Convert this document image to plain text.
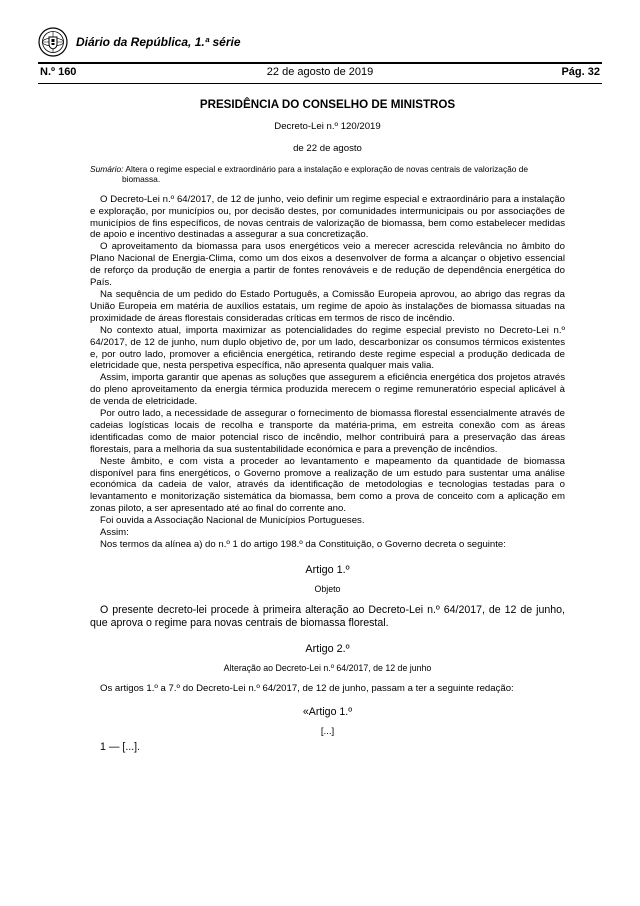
Diário da República, 1.ª série
N.º 160	22 de agosto de 2019	Pág. 32
PRESIDÊNCIA DO CONSELHO DE MINISTROS
Decreto-Lei n.º 120/2019
de 22 de agosto
Sumário: Altera o regime especial e extraordinário para a instalação e exploração de novas centrais de valorização de biomassa.

O Decreto-Lei n.º 64/2017, de 12 de junho, veio definir um regime especial e extraordinário para a instalação e exploração, por municípios ou, por decisão destes, por comunidades intermunicipais ou por associações de municípios de fins específicos, de novas centrais de valorização de biomassa, bem como estabelecer medidas de apoio e incentivo destinadas a assegurar a sua concretização.

O aproveitamento da biomassa para usos energéticos veio a merecer acrescida relevância no âmbito do Plano Nacional de Energia-Clima, como um dos eixos a desenvolver de forma a alcançar o objetivo essencial de reforço da produção de energia a partir de fontes renováveis e de redução de dependência energética do País.

Na sequência de um pedido do Estado Português, a Comissão Europeia aprovou, ao abrigo das regras da União Europeia em matéria de auxílios estatais, um regime de apoio às instalações de biomassa situadas na proximidade de áreas florestais consideradas críticas em termos de risco de incêndio.

No contexto atual, importa maximizar as potencialidades do regime especial previsto no Decreto-Lei n.º 64/2017, de 12 de junho, num duplo objetivo de, por um lado, descarbonizar os consumos térmicos existentes e, por outro lado, promover a eficiência energética, retirando deste regime especial a produção dedicada de eletricidade que, nesta perspetiva específica, não apresenta qualquer mais valia.

Assim, importa garantir que apenas as soluções que assegurem a eficiência energética dos projetos através do pleno aproveitamento da energia térmica produzida merecem o regime remuneratório especial aplicável à de venda de eletricidade.

Por outro lado, a necessidade de assegurar o fornecimento de biomassa florestal essencialmente através de cadeias logísticas locais de recolha e transporte da matéria-prima, em estreita conexão com as áreas identificadas como de maior potencial risco de incêndio, melhor contribuirá para a preservação das áreas florestais, para a melhoria da sua sustentabilidade económica e para a prevenção de incêndios.

Neste âmbito, e com vista a proceder ao levantamento e mapeamento da quantidade de biomassa disponível para fins energéticos, o Governo promove a realização de um estudo para sustentar uma análise económica da cadeia de valor, através da identificação de metodologias e tecnologias testadas para o levantamento e monitorização sistemática da biomassa, bem como a prova de conceito com a aplicação em zonas piloto, a ser apresentado até ao final do corrente ano.

Foi ouvida a Associação Nacional de Municípios Portugueses.

Assim:

Nos termos da alínea a) do n.º 1 do artigo 198.º da Constituição, o Governo decreta o seguinte:

Artigo 1.º
Objeto

O presente decreto-lei procede à primeira alteração ao Decreto-Lei n.º 64/2017, de 12 de junho, que aprova o regime para novas centrais de biomassa florestal.

Artigo 2.º
Alteração ao Decreto-Lei n.º 64/2017, de 12 de junho

Os artigos 1.º a 7.º do Decreto-Lei n.º 64/2017, de 12 de junho, passam a ter a seguinte redação:

«Artigo 1.º
[...]
1 — [...].
